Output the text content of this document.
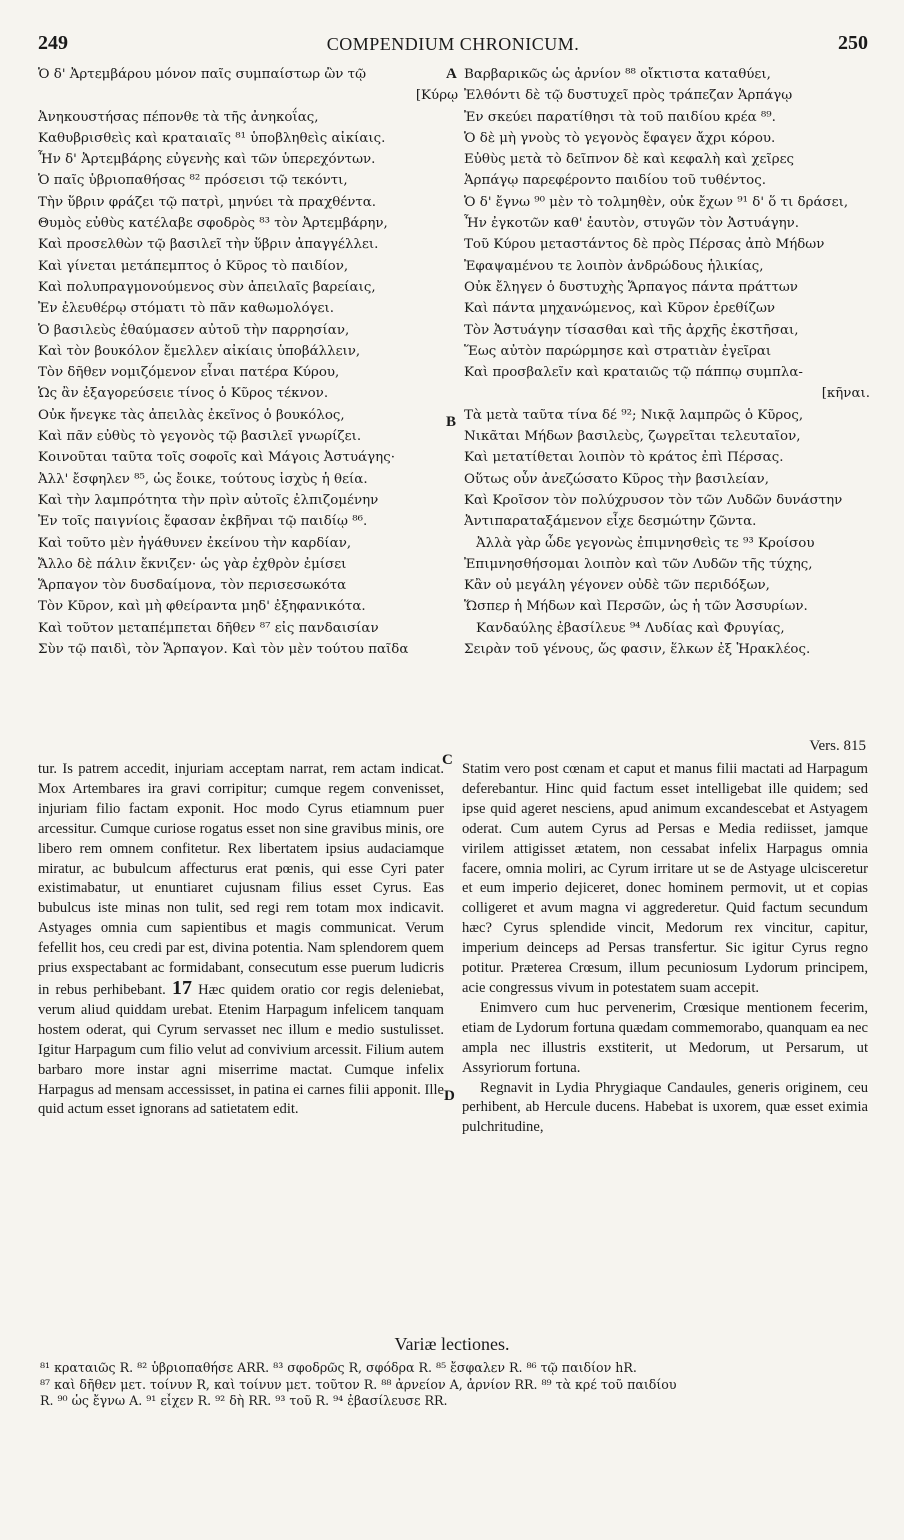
249	COMPENDIUM CHRONICUM.	250
Ὁ δ' Ἀρτεμβάρου μόνον παῖς συμπαίστωρ ὢν τῷ
[Κύρῳ
Ἀνηκουστήσας πέπονθε τὰ τῆς ἀνηκοΐας,
Καθυβρισθεὶς καὶ κραταιαῖς ⁸¹ ὑποβληθεὶς αἰκίαις.
Ἦν δ' Ἀρτεμβάρης εὐγενὴς καὶ τῶν ὑπερεχόντων.
Ὁ παῖς ὑβριοπαθήσας ⁸² πρόσεισι τῷ τεκόντι,
Τὴν ὕβριν φράζει τῷ πατρὶ, μηνύει τὰ πραχθέντα.
Θυμὸς εὐθὺς κατέλαβε σφοδρὸς ⁸³ τὸν Ἀρτεμβάρην,
Καὶ προσελθὼν τῷ βασιλεῖ τὴν ὕβριν ἀπαγγέλλει.
Καὶ γίνεται μετάπεμπτος ὁ Κῦρος τὸ παιδίον,
Καὶ πολυπραγμονούμενος σὺν ἀπειλαῖς βαρείαις,
Ἐν ἐλευθέρῳ στόματι τὸ πᾶν καθωμολόγει.
Ὁ βασιλεὺς ἐθαύμασεν αὐτοῦ τὴν παρρησίαν,
Καὶ τὸν βουκόλον ἔμελλεν αἰκίαις ὑποβάλλειν,
Τὸν δῆθεν νομιζόμενον εἶναι πατέρα Κύρου,
Ὡς ἂν ἐξαγορεύσειε τίνος ὁ Κῦρος τέκνον.
Οὐκ ἤνεγκε τὰς ἀπειλὰς ἐκεῖνος ὁ βουκόλος,
Καὶ πᾶν εὐθὺς τὸ γεγονὸς τῷ βασιλεῖ γνωρίζει.
Κοινοῦται ταῦτα τοῖς σοφοῖς καὶ Μάγοις Ἀστυάγης·
Ἀλλ' ἔσφηλεν ⁸⁵, ὡς ἔοικε, τούτους ἰσχὺς ἡ θεία.
Καὶ τὴν λαμπρότητα τὴν πρὶν αὐτοῖς ἐλπιζομένην
Ἐν τοῖς παιγνίοις ἔφασαν ἐκβῆναι τῷ παιδίῳ ⁸⁶.
Καὶ τοῦτο μὲν ἠγάθυνεν ἐκείνου τὴν καρδίαν,
Ἄλλο δὲ πάλιν ἔκνιζεν· ὡς γὰρ ἐχθρὸν ἐμίσει
Ἅρπαγον τὸν δυσδαίμονα, τὸν περισεσωκότα
Τὸν Κῦρον, καὶ μὴ φθείραντα μηδ' ἐξηφανικότα.
Καὶ τοῦτον μεταπέμπεται δῆθεν ⁸⁷ εἰς πανδαισίαν
Σὺν τῷ παιδὶ, τὸν Ἅρπαγον. Καὶ τὸν μὲν τούτου παῖδα
A
B
C
D
Βαρβαρικῶς ὡς ἀρνίον ⁸⁸ οἴκτιστα καταθύει,
Ἐλθόντι δὲ τῷ δυστυχεῖ πρὸς τράπεζαν Ἁρπάγῳ
Ἐν σκεύει παρατίθησι τὰ τοῦ παιδίου κρέα ⁸⁹.
Ὁ δὲ μὴ γνοὺς τὸ γεγονὸς ἔφαγεν ἄχρι κόρου.
Εὐθὺς μετὰ τὸ δεῖπνον δὲ καὶ κεφαλὴ καὶ χεῖρες
Ἁρπάγῳ παρεφέροντο παιδίου τοῦ τυθέντος.
Ὁ δ' ἔγνω ⁹⁰ μὲν τὸ τολμηθὲν, οὐκ ἔχων ⁹¹ δ' ὅ τι δράσει,
Ἦν ἐγκοτῶν καθ' ἑαυτὸν, στυγῶν τὸν Ἀστυάγην.
Τοῦ Κύρου μεταστάντος δὲ πρὸς Πέρσας ἀπὸ Μήδων
Ἐφαψαμένου τε λοιπὸν ἀνδρώδους ἡλικίας,
Οὐκ ἔληγεν ὁ δυστυχὴς Ἅρπαγος πάντα πράττων
Καὶ πάντα μηχανώμενος, καὶ Κῦρον ἐρεθίζων
Τὸν Ἀστυάγην τίσασθαι καὶ τῆς ἀρχῆς ἐκστῆσαι,
Ἕως αὐτὸν παρώρμησε καὶ στρατιὰν ἐγεῖραι
Καὶ προσβαλεῖν καὶ κραταιῶς τῷ πάππῳ συμπλα-
[κῆναι.
Τὰ μετὰ ταῦτα τίνα δέ ⁹²; Νικᾷ λαμπρῶς ὁ Κῦρος,
Νικᾶται Μήδων βασιλεὺς, ζωγρεῖται τελευταῖον,
Καὶ μετατίθεται λοιπὸν τὸ κράτος ἐπὶ Πέρσας.
Οὕτως οὖν ἀνεζώσατο Κῦρος τὴν βασιλείαν,
Καὶ Κροῖσον τὸν πολύχρυσον τὸν τῶν Λυδῶν δυνάστην
Ἀντιπαραταξάμενον εἶχε δεσμώτην ζῶντα.
Ἀλλὰ γὰρ ὧδε γεγονὼς ἐπιμνησθεὶς τε ⁹³ Κροίσου
Ἐπιμνησθήσομαι λοιπὸν καὶ τῶν Λυδῶν τῆς τύχης,
Κἂν οὐ μεγάλη γέγονεν οὐδὲ τῶν περιδόξων,
Ὥσπερ ἡ Μήδων καὶ Περσῶν, ὡς ἡ τῶν Ἀσσυρίων.
Κανδαύλης ἐβασίλευε ⁹⁴ Λυδίας καὶ Φρυγίας,
Σειρὰν τοῦ γένους, ὥς φασιν, ἕλκων ἐξ Ἡρακλέος.
Vers. 815

tur. Is patrem accedit, injuriam acceptam narrat, rem actam indicat. Mox Artembares ira gravi corripitur; cumque regem convenisset, injuriam filio factam exponit. Hoc modo Cyrus etiamnum puer arcessitur. Cumque curiose rogatus esset non sine gravibus minis, ore libero rem omnem confitetur. Rex libertatem ipsius audaciamque miratur, ac bubulcum affecturus erat pœnis, qui esse Cyri pater existimabatur, ut enuntiaret cujusnam filius esset Cyrus. Eas bubulcus iste minas non tulit, sed regi rem totam mox indicavit. Astyages omnia cum sapientibus et magis communicat. Verum fefellit hos, ceu credi par est, divina potentia. Nam splendorem quem prius exspectabant ac formidabant, consecutum esse puerum ludicris in rebus perhibebant. 17 Hæc quidem oratio cor regis deleniebat, verum aliud quiddam urebat. Etenim Harpagum infelicem tanquam hostem oderat, qui Cyrum servasset nec illum e medio sustulisset. Igitur Harpagum cum filio velut ad convivium arcessit. Filium autem barbaro more instar agni miserrime mactat. Cumque infelix Harpagus ad mensam accessisset, in patina ei carnes filii apponit. Ille quid actum esset ignorans ad satietatem edit.

Statim vero post cœnam et caput et manus filii mactati ad Harpagum deferebantur. Hinc quid factum esset intelligebat ille quidem; sed ipse quid ageret nesciens, apud animum excandescebat et Astyagem oderat. Cum autem Cyrus ad Persas e Media rediisset, jamque virilem attigisset ætatem, non cessabat infelix Harpagus omnia facere, omnia moliri, ac Cyrum irritare ut se de Astyage ulcisceretur et eum imperio dejiceret, donec hominem permovit, ut et copias colligeret et avum magna vi aggrederetur. Quid factum secundum hæc? Cyrus splendide vincit, Medorum rex vincitur, capitur, imperium deinceps ad Persas transfertur. Sic igitur Cyrus regno potitur. Præterea Crœsum, illum pecuniosum Lydorum principem, acie congressus vivum in potestatem suam accepit.

Enimvero cum huc pervenerim, Crœsique mentionem fecerim, etiam de Lydorum fortuna quædam commemorabo, quanquam ea nec ampla nec illustris exstiterit, ut Medorum, ut Persarum, ut Assyriorum fortuna.

Regnavit in Lydia Phrygiaque Candaules, generis originem, ceu perhibent, ab Hercule ducens. Habebat is uxorem, quæ esset eximia pulchritudine,

Variæ lectiones.
⁸¹ κραταιῶς R. ⁸² ὑβριοπαθήσε ARR. ⁸³ σφοδρῶς R, σφόδρα R. ⁸⁵ ἔσφαλεν R. ⁸⁶ τῷ παιδίον hR.
⁸⁷ καὶ δῆθεν μετ. τοίνυν R, καὶ τοίνυν μετ. τοῦτον R. ⁸⁸ ἀρνείον A, ἀρνίον RR. ⁸⁹ τὰ κρέ τοῦ παιδίου
R. ⁹⁰ ὡς ἔγνω A. ⁹¹ εἶχεν R. ⁹² δὴ RR. ⁹³ τοῦ R. ⁹⁴ ἐβασίλευσε RR.
